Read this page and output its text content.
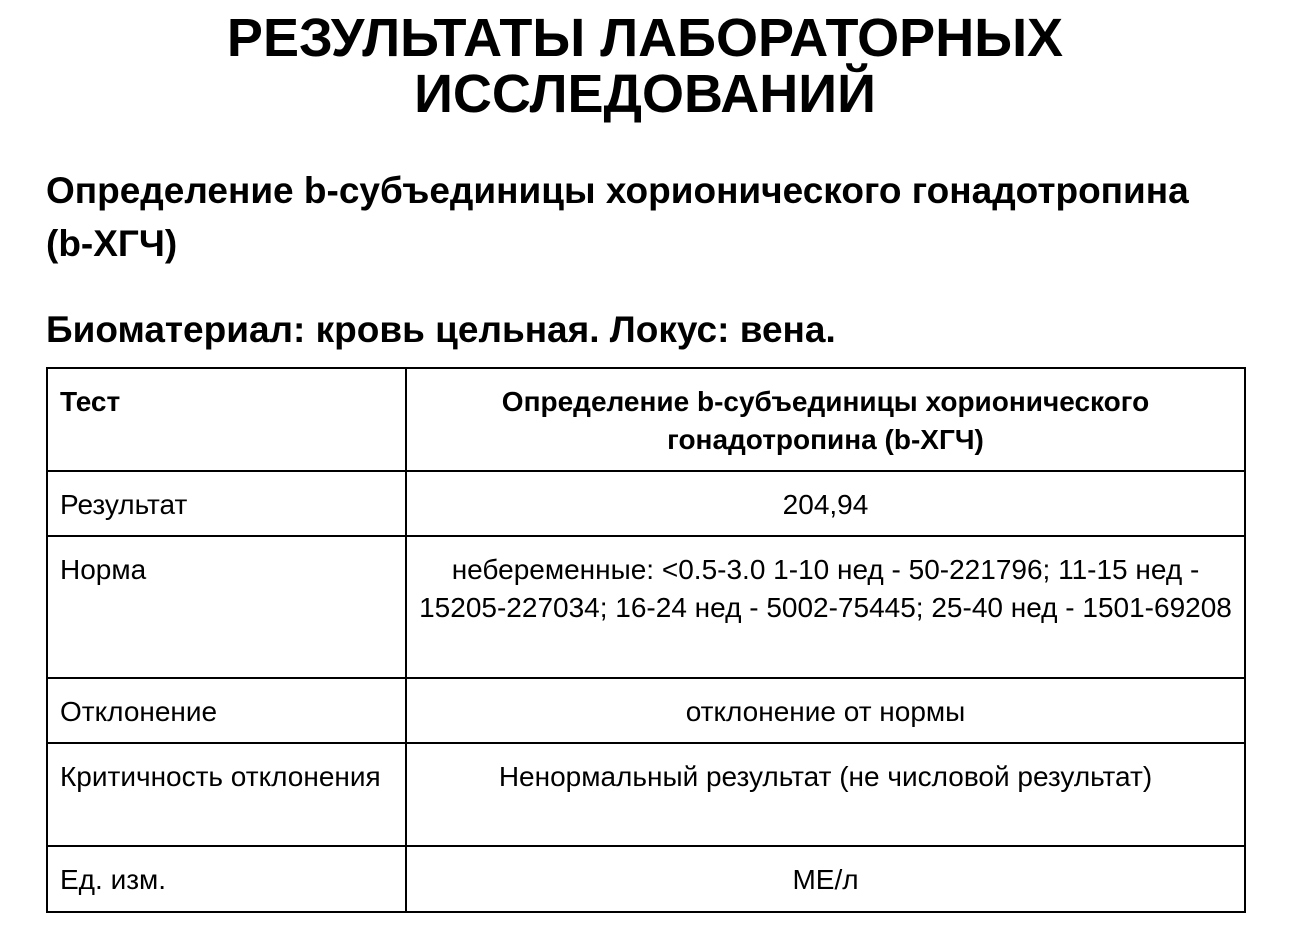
РЕЗУЛЬТАТЫ ЛАБОРАТОРНЫХ ИССЛЕДОВАНИЙ
Определение b-субъединицы хорионического гонадотропина (b-ХГЧ)

Биоматериал: кровь цельная. Локус: вена.

Тест	Определение b-субъединицы хорионического гонадотропина (b-ХГЧ)
Результат	204,94
Норма	небеременные: <0.5-3.0 1-10 нед - 50-221796; 11-15 нед - 15205-227034; 16-24 нед - 5002-75445; 25-40 нед - 1501-69208
Отклонение	отклонение от нормы
Критичность отклонения	Ненормальный результат (не числовой результат)
Ед. изм.	МЕ/л
